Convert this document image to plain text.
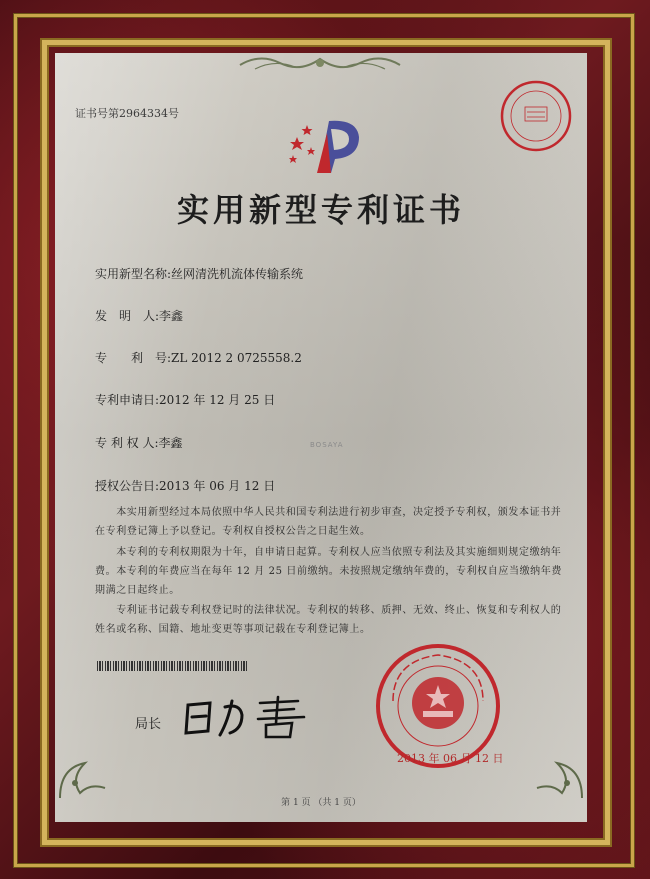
证书号第2964334号
实用新型专利证书
实用新型名称:丝网清洗机流体传输系统
发　明　人:李鑫
专　　利　号:ZL 2012 2 0725558.2
专利申请日:2012 年 12 月 25 日
专 利 权 人:李鑫	BOSAYA
授权公告日:2013 年 06 月 12 日
　　本实用新型经过本局依照中华人民共和国专利法进行初步审查，决定授予专利权，颁发本证书并在专利登记簿上予以登记。专利权自授权公告之日起生效。
　　本专利的专利权期限为十年，自申请日起算。专利权人应当依照专利法及其实施细则规定缴纳年费。本专利的年费应当在每年 12 月 25 日前缴纳。未按照规定缴纳年费的，专利权自应当缴纳年费期满之日起终止。
　　专利证书记载专利权登记时的法律状况。专利权的转移、质押、无效、终止、恢复和专利权人的姓名或名称、国籍、地址变更等事项记载在专利登记簿上。
局长
2013 年 06 月 12 日
第 1 页 （共 1 页）
